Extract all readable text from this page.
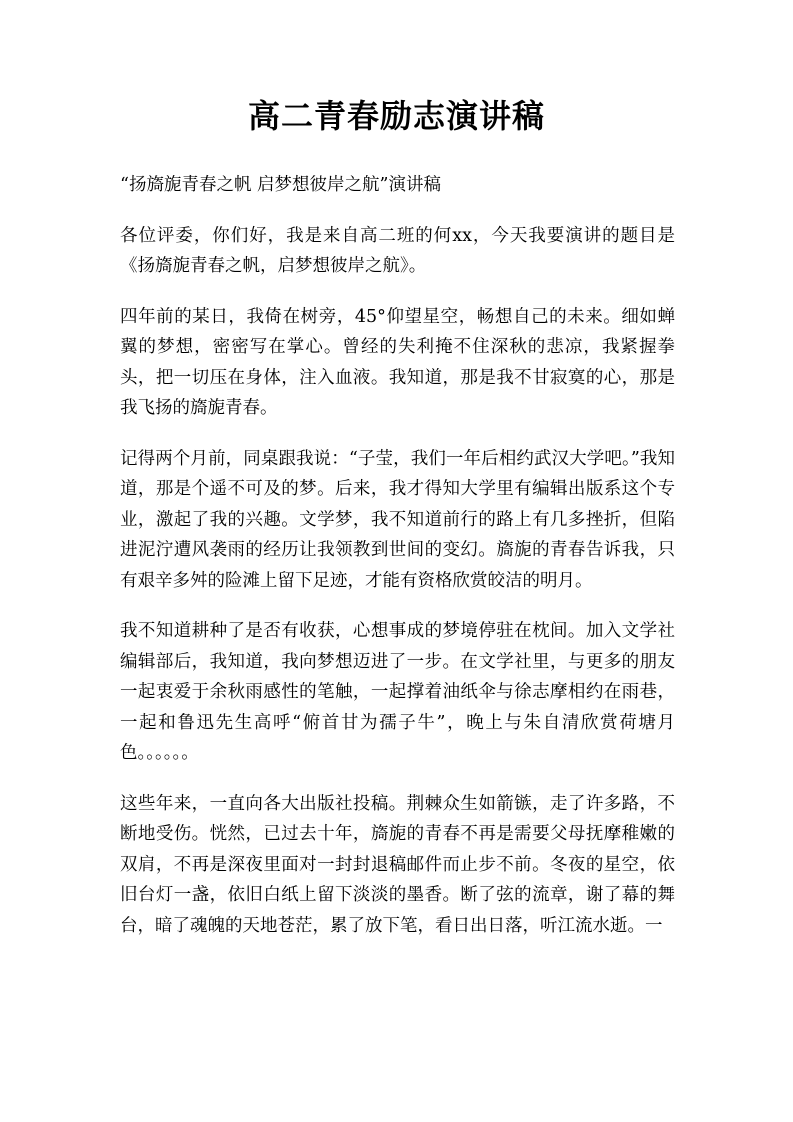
高二青春励志演讲稿

“扬旖旎青春之帆 启梦想彼岸之航”演讲稿

各位评委，你们好，我是来自高二班的何xx，今天我要演讲的题目是《扬旖旎青春之帆，启梦想彼岸之航》。

四年前的某日，我倚在树旁，45°仰望星空，畅想自己的未来。细如蝉翼的梦想，密密写在掌心。曾经的失利掩不住深秋的悲凉，我紧握拳头，把一切压在身体，注入血液。我知道，那是我不甘寂寞的心，那是我飞扬的旖旎青春。

记得两个月前，同桌跟我说：“子莹，我们一年后相约武汉大学吧。”我知道，那是个遥不可及的梦。后来，我才得知大学里有编辑出版系这个专业，激起了我的兴趣。文学梦，我不知道前行的路上有几多挫折，但陷进泥泞遭风袭雨的经历让我领教到世间的变幻。旖旎的青春告诉我，只有艰辛多舛的险滩上留下足迹，才能有资格欣赏皎洁的明月。

我不知道耕种了是否有收获，心想事成的梦境停驻在枕间。加入文学社编辑部后，我知道，我向梦想迈进了一步。在文学社里，与更多的朋友一起衷爱于余秋雨感性的笔触，一起撑着油纸伞与徐志摩相约在雨巷，一起和鲁迅先生高呼“俯首甘为孺子牛”，晚上与朱自清欣赏荷塘月色。。。。。。

这些年来，一直向各大出版社投稿。荆棘众生如箭镞，走了许多路，不断地受伤。恍然，已过去十年，旖旎的青春不再是需要父母抚摩稚嫩的双肩，不再是深夜里面对一封封退稿邮件而止步不前。冬夜的星空，依旧台灯一盏，依旧白纸上留下淡淡的墨香。断了弦的流章，谢了幕的舞台，暗了魂魄的天地苍茫，累了放下笔，看日出日落，听江流水逝。一
